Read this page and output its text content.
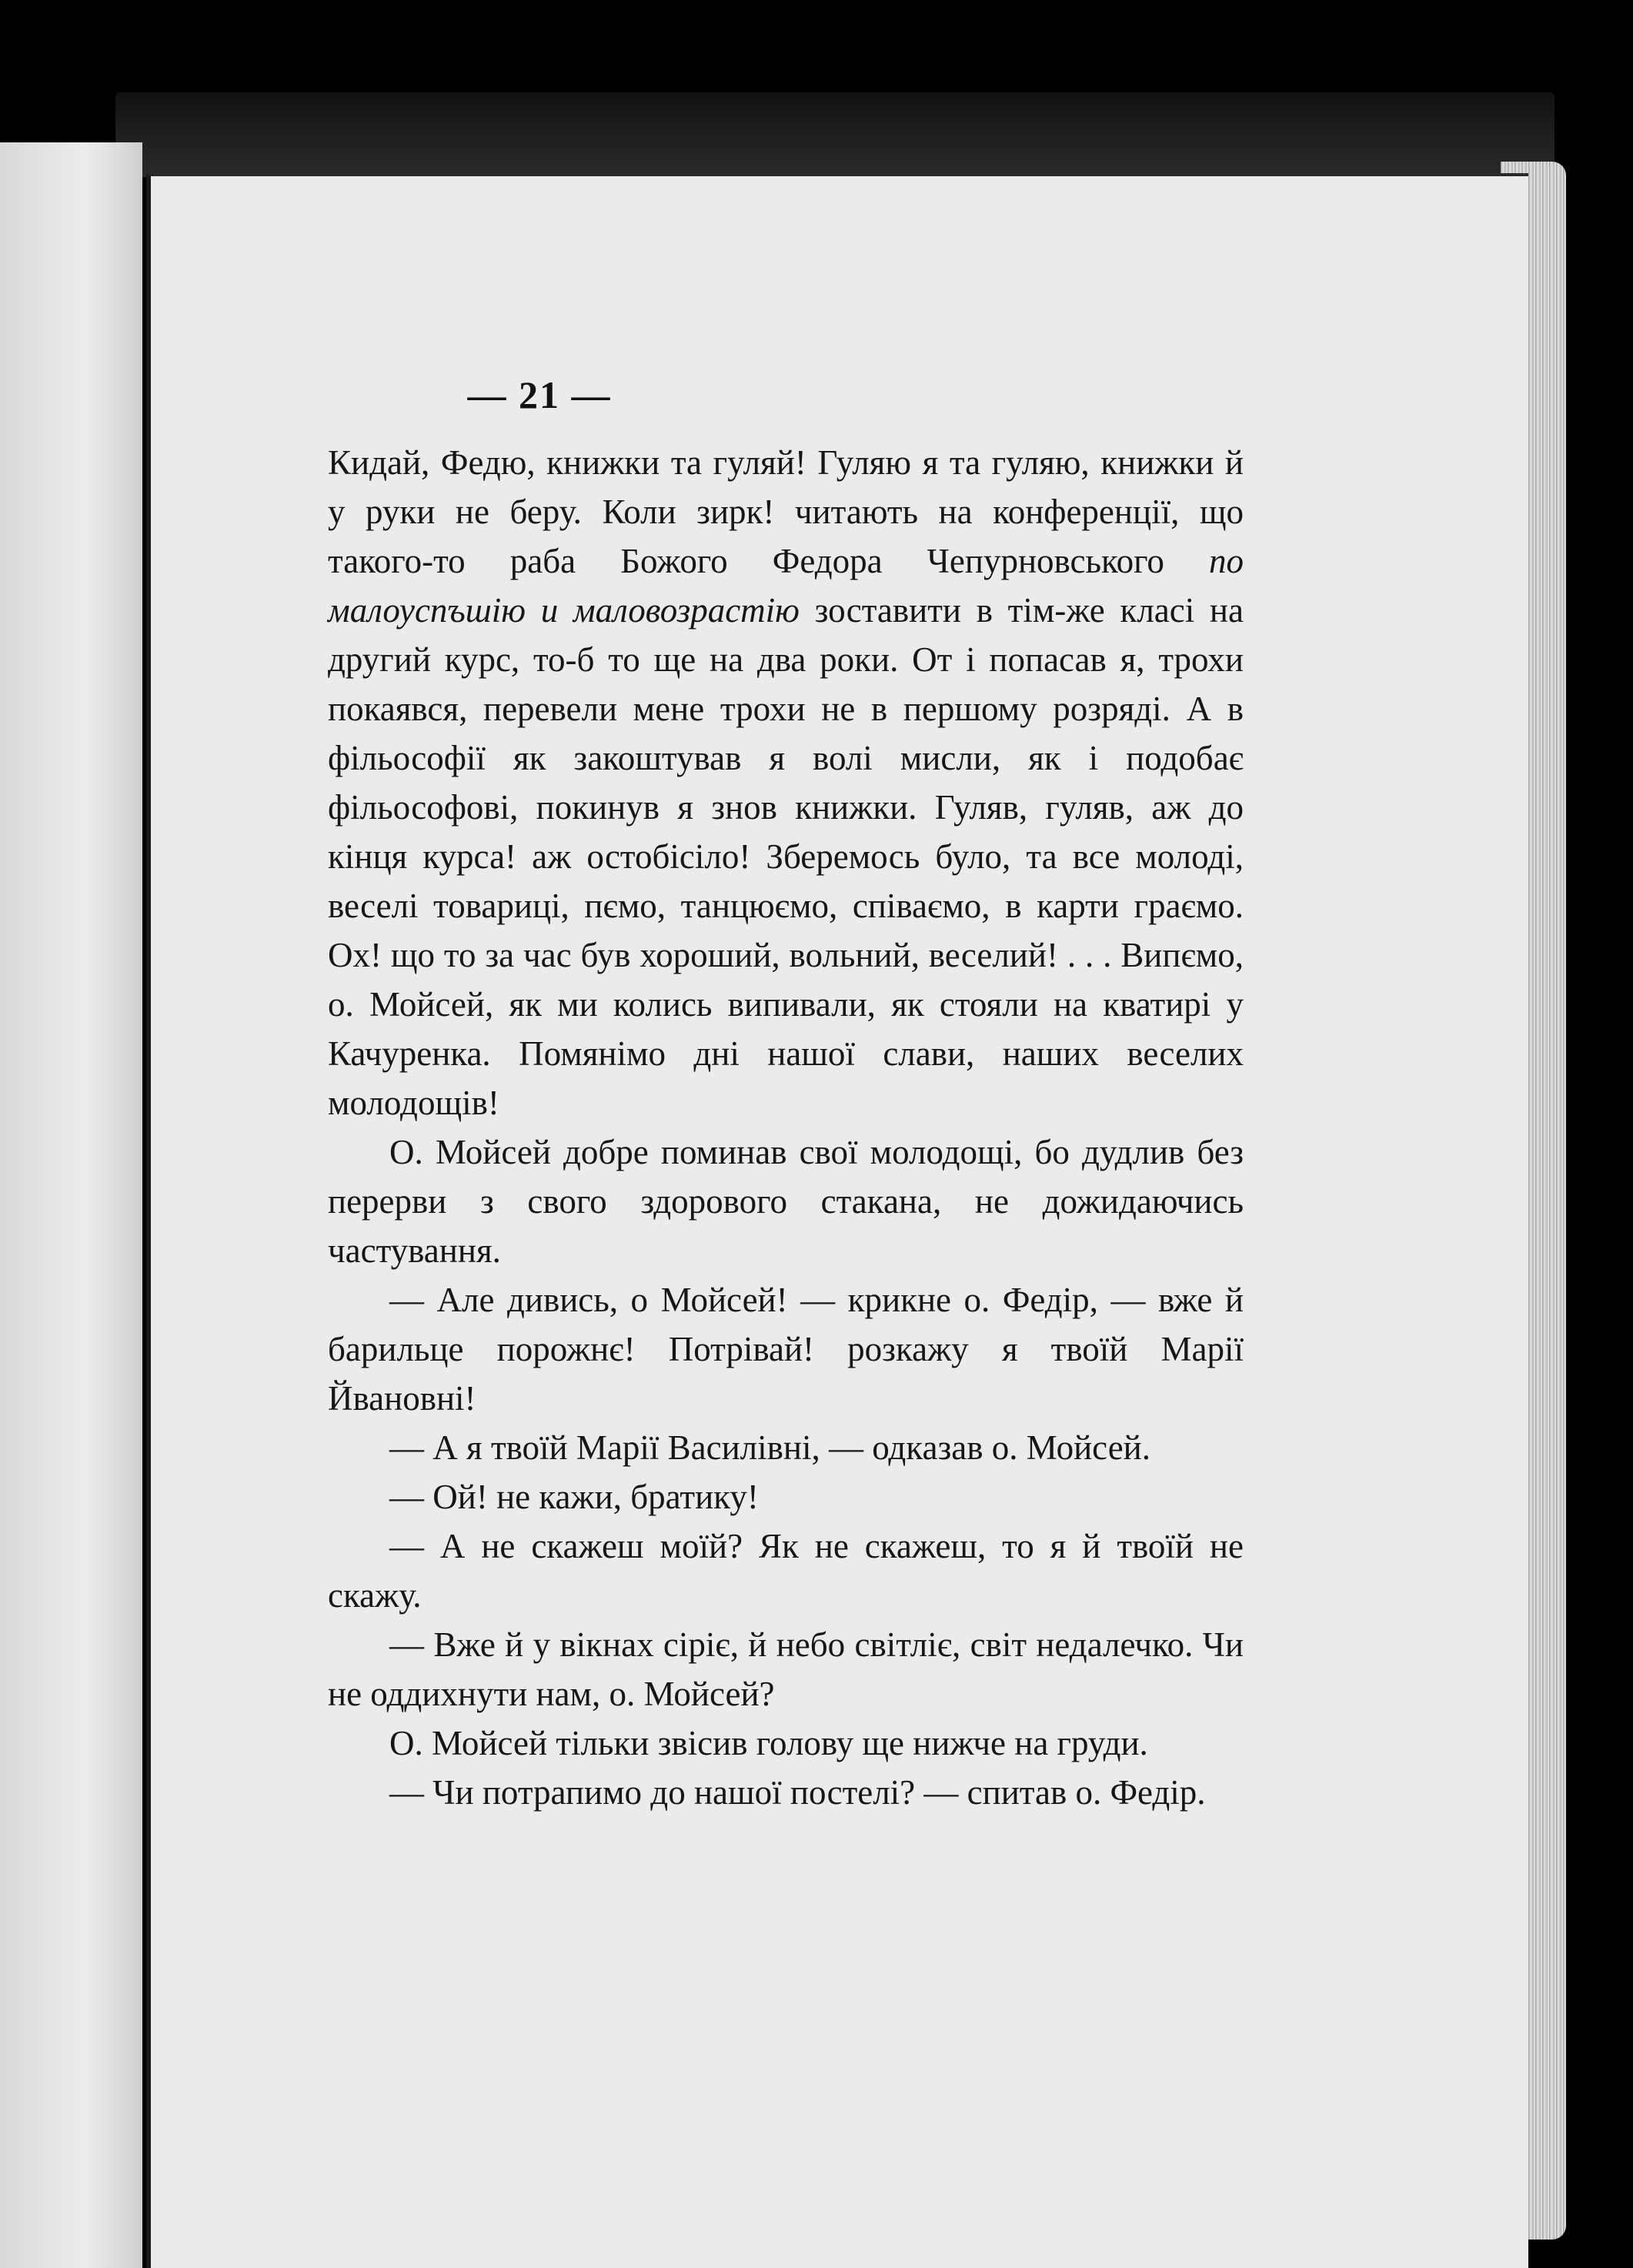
— 21 —

Кидай, Федю, книжки та гуляй! Гуляю я та гуляю, книжки й у руки не беру. Коли зирк! читають на конференції, що такого-то раба Божого Федора Чепурновського по малоуспъшію и маловозрастію зоставити в тім-же класі на другий курс, то-б то ще на два роки. От і попасав я, трохи покаявся, перевели мене трохи не в першому розряді. А в фільософії як закоштував я волі мисли, як і подобає фільософові, покинув я знов книжки. Гуляв, гуляв, аж до кінця курса! аж остобісіло! Зберемось було, та все молоді, веселі товариці, пємо, танцюємо, співаємо, в карти граємо. Ох! що то за час був хороший, вольний, веселий! . . . Випємо, о. Мойсей, як ми колись випивали, як стояли на кватирі у Качуренка. Помянімо дні нашої слави, наших веселих молодощів!

О. Мойсей добре поминав свої молодощі, бо дудлив без перерви з свого здорового стакана, не дожидаючись частування.

— Але дивись, о Мойсей! — крикне о. Федір, — вже й барильце порожнє! Потрівай! розкажу я твоїй Марії Йвановні!

— А я твоїй Марії Василівні, — одказав о. Мойсей.

— Ой! не кажи, братику!

— А не скажеш моїй? Як не скажеш, то я й твоїй не скажу.

— Вже й у вікнах сіріє, й небо світліє, світ недалечко. Чи не оддихнути нам, о. Мойсей?

О. Мойсей тільки звісив голову ще нижче на груди.

— Чи потрапимо до нашої постелі? — спитав о. Федір.
